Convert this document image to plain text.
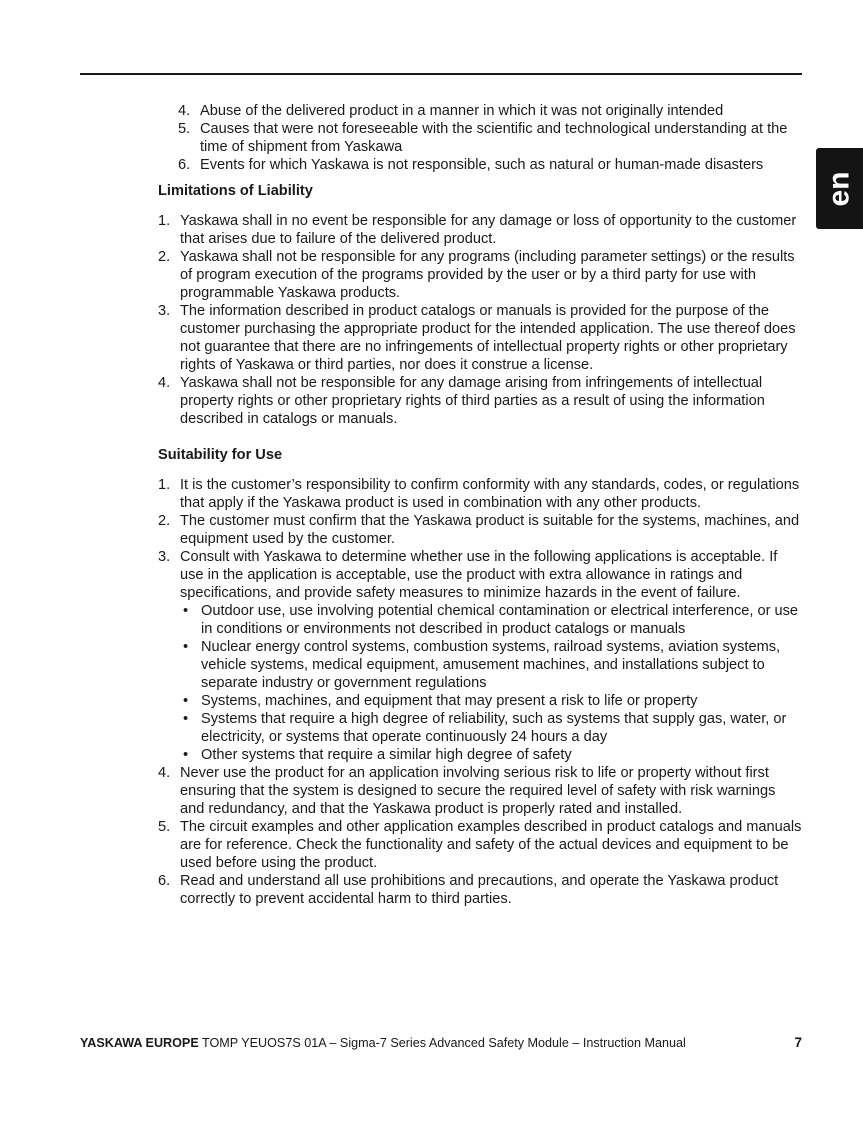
en
4. Abuse of the delivered product in a manner in which it was not originally intended
5. Causes that were not foreseeable with the scientific and technological understanding at the time of shipment from Yaskawa
6. Events for which Yaskawa is not responsible, such as natural or human-made disasters
Limitations of Liability
1. Yaskawa shall in no event be responsible for any damage or loss of opportunity to the customer that arises due to failure of the delivered product.
2. Yaskawa shall not be responsible for any programs (including parameter settings) or the results of program execution of the programs provided by the user or by a third party for use with programmable Yaskawa products.
3. The information described in product catalogs or manuals is provided for the purpose of the customer purchasing the appropriate product for the intended application. The use thereof does not guarantee that there are no infringements of intellectual property rights or other proprietary rights of Yaskawa or third parties, nor does it construe a license.
4. Yaskawa shall not be responsible for any damage arising from infringements of intellectual property rights or other proprietary rights of third parties as a result of using the information described in catalogs or manuals.
Suitability for Use
1. It is the customer’s responsibility to confirm conformity with any standards, codes, or regulations that apply if the Yaskawa product is used in combination with any other products.
2. The customer must confirm that the Yaskawa product is suitable for the systems, machines, and equipment used by the customer.
3. Consult with Yaskawa to determine whether use in the following applications is acceptable. If use in the application is acceptable, use the product with extra allowance in ratings and specifications, and provide safety measures to minimize hazards in the event of failure.
• Outdoor use, use involving potential chemical contamination or electrical interference, or use in conditions or environments not described in product catalogs or manuals
• Nuclear energy control systems, combustion systems, railroad systems, aviation systems, vehicle systems, medical equipment, amusement machines, and installations subject to separate industry or government regulations
• Systems, machines, and equipment that may present a risk to life or property
• Systems that require a high degree of reliability, such as systems that supply gas, water, or electricity, or systems that operate continuously 24 hours a day
• Other systems that require a similar high degree of safety
4. Never use the product for an application involving serious risk to life or property without first ensuring that the system is designed to secure the required level of safety with risk warnings and redundancy, and that the Yaskawa product is properly rated and installed.
5. The circuit examples and other application examples described in product catalogs and manuals are for reference. Check the functionality and safety of the actual devices and equipment to be used before using the product.
6. Read and understand all use prohibitions and precautions, and operate the Yaskawa product correctly to prevent accidental harm to third parties.
YASKAWA EUROPE TOMP YEUOS7S 01A – Sigma-7 Series Advanced Safety Module – Instruction Manual	7
